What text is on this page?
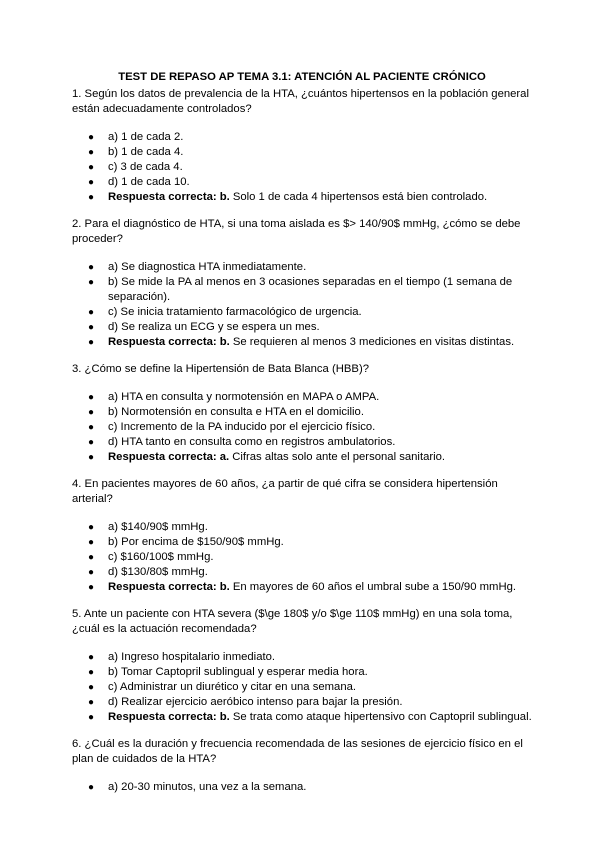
TEST DE REPASO AP TEMA 3.1: ATENCIÓN AL PACIENTE CRÓNICO

1. Según los datos de prevalencia de la HTA, ¿cuántos hipertensos en la población general están adecuadamente controlados?

● a) 1 de cada 2.
● b) 1 de cada 4.
● c) 3 de cada 4.
● d) 1 de cada 10.
● Respuesta correcta: b. Solo 1 de cada 4 hipertensos está bien controlado.

2. Para el diagnóstico de HTA, si una toma aislada es $> 140/90$ mmHg, ¿cómo se debe proceder?

● a) Se diagnostica HTA inmediatamente.
● b) Se mide la PA al menos en 3 ocasiones separadas en el tiempo (1 semana de separación).
● c) Se inicia tratamiento farmacológico de urgencia.
● d) Se realiza un ECG y se espera un mes.
● Respuesta correcta: b. Se requieren al menos 3 mediciones en visitas distintas.

3. ¿Cómo se define la Hipertensión de Bata Blanca (HBB)?

● a) HTA en consulta y normotensión en MAPA o AMPA.
● b) Normotensión en consulta e HTA en el domicilio.
● c) Incremento de la PA inducido por el ejercicio físico.
● d) HTA tanto en consulta como en registros ambulatorios.
● Respuesta correcta: a. Cifras altas solo ante el personal sanitario.

4. En pacientes mayores de 60 años, ¿a partir de qué cifra se considera hipertensión arterial?

● a) $140/90$ mmHg.
● b) Por encima de $150/90$ mmHg.
● c) $160/100$ mmHg.
● d) $130/80$ mmHg.
● Respuesta correcta: b. En mayores de 60 años el umbral sube a 150/90 mmHg.

5. Ante un paciente con HTA severa ($\ge 180$ y/o $\ge 110$ mmHg) en una sola toma, ¿cuál es la actuación recomendada?

● a) Ingreso hospitalario inmediato.
● b) Tomar Captopril sublingual y esperar media hora.
● c) Administrar un diurético y citar en una semana.
● d) Realizar ejercicio aeróbico intenso para bajar la presión.
● Respuesta correcta: b. Se trata como ataque hipertensivo con Captopril sublingual.

6. ¿Cuál es la duración y frecuencia recomendada de las sesiones de ejercicio físico en el plan de cuidados de la HTA?

● a) 20-30 minutos, una vez a la semana.
